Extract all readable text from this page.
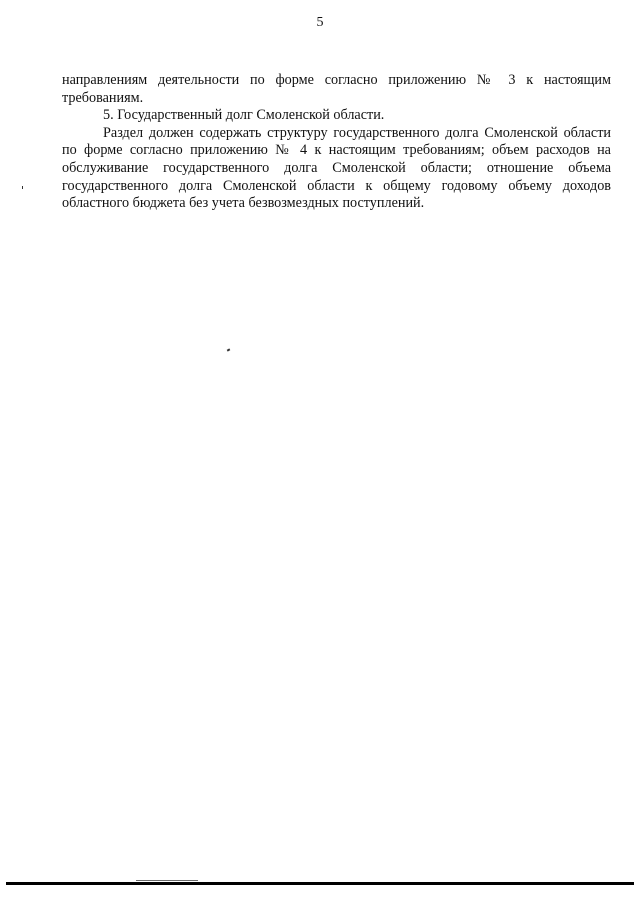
5

направлениям деятельности по форме согласно приложению № 3 к настоящим требованиям.

5. Государственный долг Смоленской области.

Раздел должен содержать структуру государственного долга Смоленской области по форме согласно приложению № 4 к настоящим требованиям; объем расходов на обслуживание государственного долга Смоленской области; отношение объема государственного долга Смоленской области к общему годовому объему доходов областного бюджета без учета безвозмездных поступлений.
